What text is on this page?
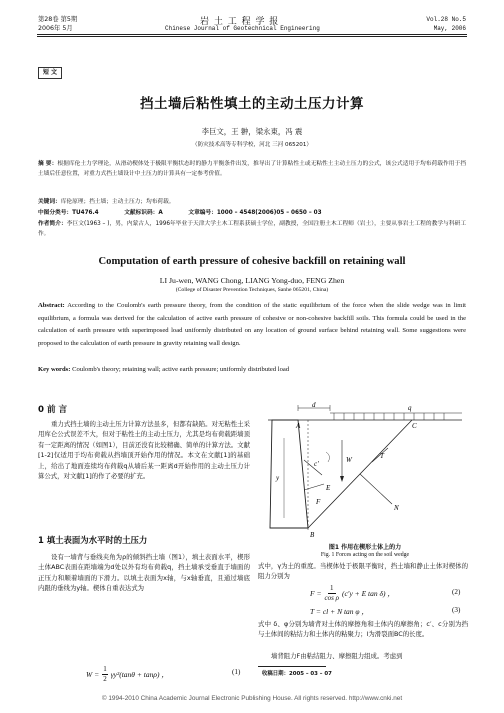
第28卷 第5期
2006年 5月
岩 土 工 程 学 报
Chinese Journal of Geotechnical Engineering
Vol.28 No.5
May, 2006
短 文
挡土墙后粘性填土的主动土压力计算
李巨文，王 翀，梁永東，冯 震
（防灾技术高等专科学校，河北 三河 065201）
摘 要：根据库伦土力学理论，从滑动楔体处于极限平衡状态时的静力平衡条件出发，推导出了计算粘性土或无粘性土主动土压力的公式，该公式适用于均布荷载作用于挡土墙后任意位置，对重力式挡土墙设计中土压力的计算具有一定参考价值。
关键词：库伦原理；挡土墙；主动土压力；均布荷载。
中图分类号：TU476.4	文献标识码：A	文章编号：1000 – 4548(2006)05 – 0650 – 03
作者简介：李巨文(1963 – )，男，内蒙古人，1996年毕业于天津大学土木工程系获硕士学位，副教授，全国注册土木工程师（岩土），主要从事岩土工程的教学与科研工作。
Computation of earth pressure of cohesive backfill on retaining wall
LI Ju-wen, WANG Chong, LIANG Yong-duo, FENG Zhen
(College of Disaster Prevention Techniques, Sanhe 065201, China)
Abstract: According to the Coulomb's earth pressure theory, from the condition of the static equilibrium of the force when the slide wedge was in limit equilibrium, a formula was derived for the calculation of active earth pressure of cohesive or non-cohesive backfill soils. This formula could be used in the calculation of earth pressure with superimposed load uniformly distributed on any location of ground surface behind retaining wall. Some suggestions were proposed to the calculation of earth pressure in gravity retaining wall design.
Key words: Coulomb's theory; retaining wall; active earth pressure; uniformly distributed load
0 前 言
重力式挡土墙的主动土压力计算方法虽多，但都有缺陷。对无粘性土采用库仑公式误差不大，但对于粘性土的主动土压力，尤其是均布荷载距墙顶有一定距离的情况（如图1），目前还没有比较精确、简单的计算方法。文献[1-2]仅适用于均布荷载从挡墙顶开始作用的情况。本文在文献[1]的基础上，给出了地面连续均布荷载q从墙后某一距离d开始作用的主动土压力计算公式，对文献[1]的作了必要的扩充。
1 填土表面为水平时的土压力
设有一墙背与垂线夹角为ρ的倾斜挡土墙（图1），填土表面水平，楔形土体ABC表面在距墙端为d处以外有均布荷载q，挡土墙承受垂直于墙面的正压力和顺着墙面的下滑力。以填土表面为x轴，与x轴垂直，且通过墙底内跟的垂线为y轴。楔体自重表达式为
$W = \frac{1}{2} \gamma y^2(\tan\theta + \tan\rho)$ ，	(1)
d	q
A	C
B
y
c'	W	T
N
E
F
图1 作用在楔形土体上的力
Fig. 1 Forces acting on the soil wedge
式中，γ为土的重度。当楔体处于极限平衡时，挡土墙和静止土体对楔体的阻力分别为
$F = \frac{1}{\text{cos ρ}} (c'y + E$ tan δ) ，	(2)
T = cl + N tan φ ，	(3)
式中 δ、φ分别为墙背对土体的摩擦角和土体内的摩擦角；c′、c分别为挡与土体间的粘结力和土体内的粘聚力；l为滑裂面BC的长度。
墙背阻力F由粘结阻力、摩擦阻力组成。考虑到
收稿日期：2005 – 03 – 07
© 1994-2010 China Academic Journal Electronic Publishing House. All rights reserved. http://www.cnki.net
